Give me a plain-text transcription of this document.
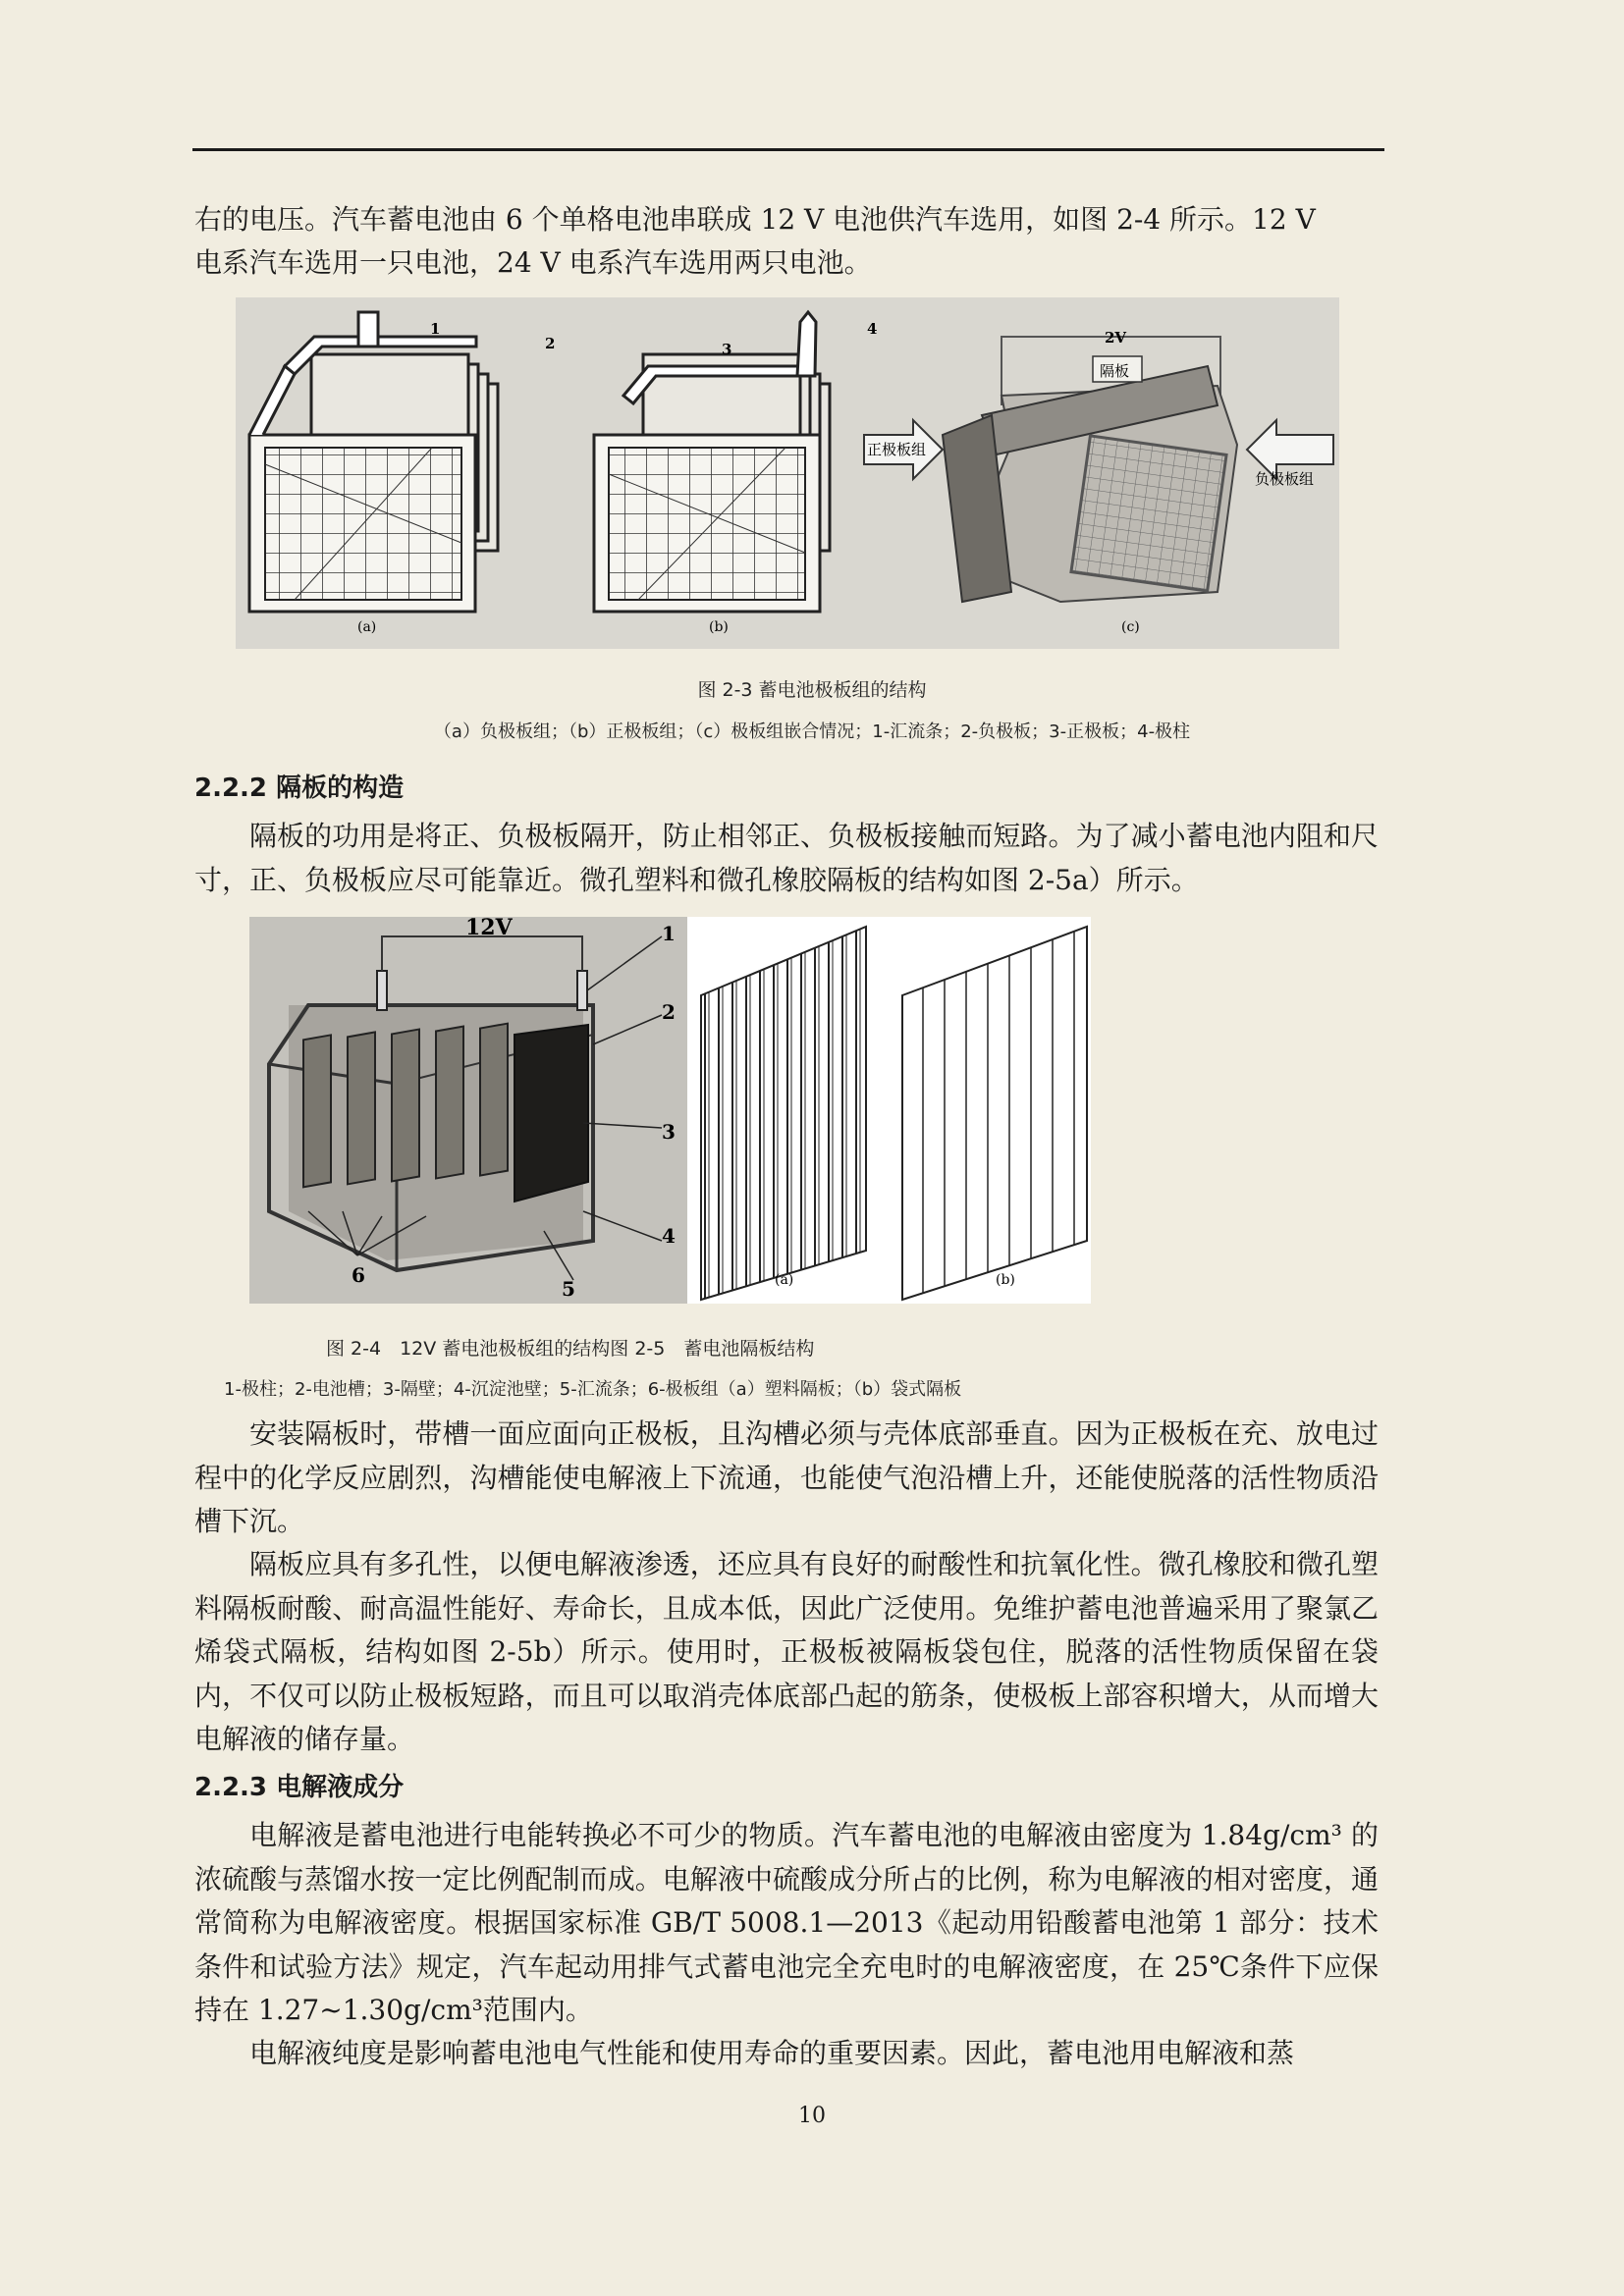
右的电压。汽车蓄电池由 6 个单格电池串联成 12 V 电池供汽车选用，如图 2-4 所示。12 V

电系汽车选用一只电池，24 V 电系汽车选用两只电池。

1
2	3
4	2V
隔板
正极板组
负极板组
(a)	(b)	(c)

图 2-3 蓄电池极板组的结构

（a）负极板组；（b）正极板组；（c）极板组嵌合情况；1-汇流条；2-负极板；3-正极板；4-极柱

2.2.2 隔板的构造

隔板的功用是将正、负极板隔开，防止相邻正、负极板接触而短路。为了减小蓄电池内阻和尺寸，正、负极板应尽可能靠近。微孔塑料和微孔橡胶隔板的结构如图 2-5a）所示。

12V	1
2
3
4
5
6	(a)	(b)

图 2-4　12V 蓄电池极板组的结构图 2-5　蓄电池隔板结构

1-极柱；2-电池槽；3-隔壁；4-沉淀池壁；5-汇流条；6-极板组（a）塑料隔板；（b）袋式隔板

安装隔板时，带槽一面应面向正极板，且沟槽必须与壳体底部垂直。因为正极板在充、放电过程中的化学反应剧烈，沟槽能使电解液上下流通，也能使气泡沿槽上升，还能使脱落的活性物质沿槽下沉。

隔板应具有多孔性，以便电解液渗透，还应具有良好的耐酸性和抗氧化性。微孔橡胶和微孔塑料隔板耐酸、耐高温性能好、寿命长，且成本低，因此广泛使用。免维护蓄电池普遍采用了聚氯乙烯袋式隔板，结构如图 2-5b）所示。使用时，正极板被隔板袋包住，脱落的活性物质保留在袋内，不仅可以防止极板短路，而且可以取消壳体底部凸起的筋条，使极板上部容积增大，从而增大电解液的储存量。

2.2.3 电解液成分

电解液是蓄电池进行电能转换必不可少的物质。汽车蓄电池的电解液由密度为 1.84g/cm³ 的浓硫酸与蒸馏水按一定比例配制而成。电解液中硫酸成分所占的比例，称为电解液的相对密度，通常简称为电解液密度。根据国家标准 GB/T 5008.1—2013《起动用铅酸蓄电池第 1 部分：技术条件和试验方法》规定，汽车起动用排气式蓄电池完全充电时的电解液密度，在 25℃条件下应保持在 1.27~1.30g/cm³范围内。

电解液纯度是影响蓄电池电气性能和使用寿命的重要因素。因此，蓄电池用电解液和蒸

10
